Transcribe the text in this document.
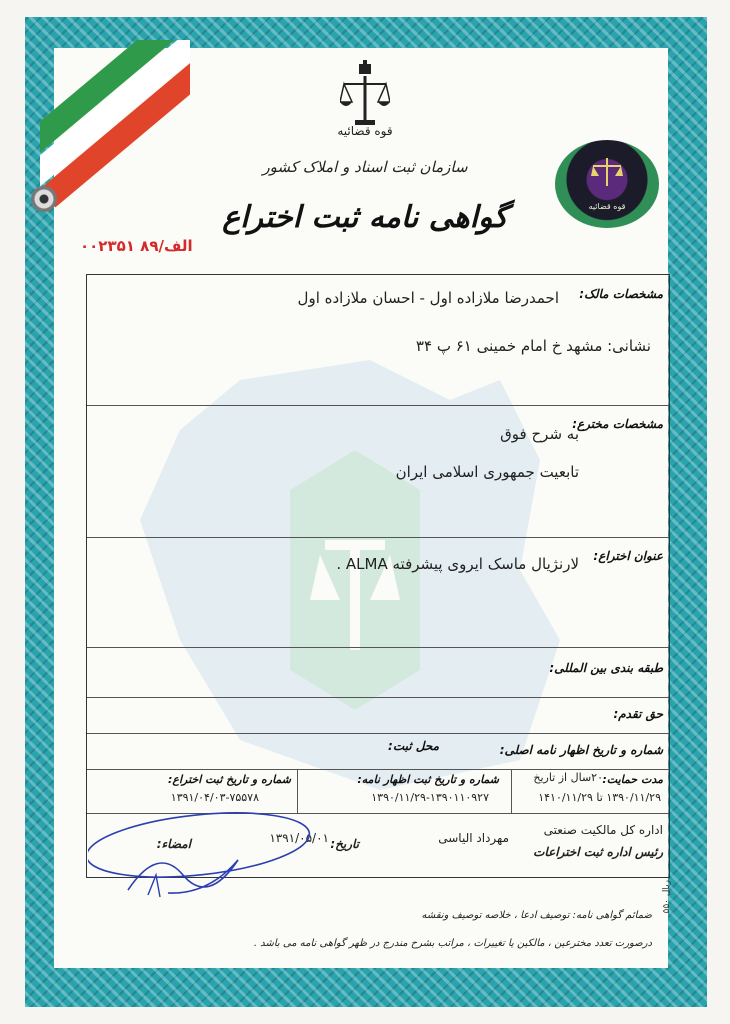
قوه قضائیه
سازمان ثبت اسناد و املاک کشور
گواهی نامه ثبت اختراع
الف/۸۹ ۰۰۲۳۵۱
قوه قضائیه
مشخصات مالک:
احمدرضا ملازاده اول - احسان ملازاده اول
نشانی: مشهد خ امام خمینی ۶۱ پ ۳۴
مشخصات مخترع:
به شرح فوق
تابعیت جمهوری اسلامی ایران
عنوان اختراع:
لارنژیال ماسک ایروی پیشرفته ALMA .
طبقه بندی بین المللی:
حق تقدم:
شماره و تاریخ اظهار نامه اصلی:
محل ثبت:
مدت حمایت:
۲۰سال از تاریخ
۱۳۹۰/۱۱/۲۹ تا ۱۴۱۰/۱۱/۲۹
شماره و تاریخ ثبت اظهار نامه:
۱۳۹۰/۱۱/۲۹-۱۳۹۰۱۱۰۹۲۷
شماره و تاریخ ثبت اختراع:
۱۳۹۱/۰۴/۰۳-۷۵۵۷۸
اداره کل مالکیت صنعتی
رئیس اداره ثبت اختراعات
مهرداد الیاسی
تاریخ:
۱۳۹۱/۰۵/۰۱
امضاء:
ضمائم گواهی نامه: توصیف ادعا ، خلاصه توصیف ونقشه
درصورت تعدد مخترعین ، مالکین یا تغییرات ، مراتب بشرح مندرج در ظهر گواهی نامه می باشد .
۵۵۰ ریال
